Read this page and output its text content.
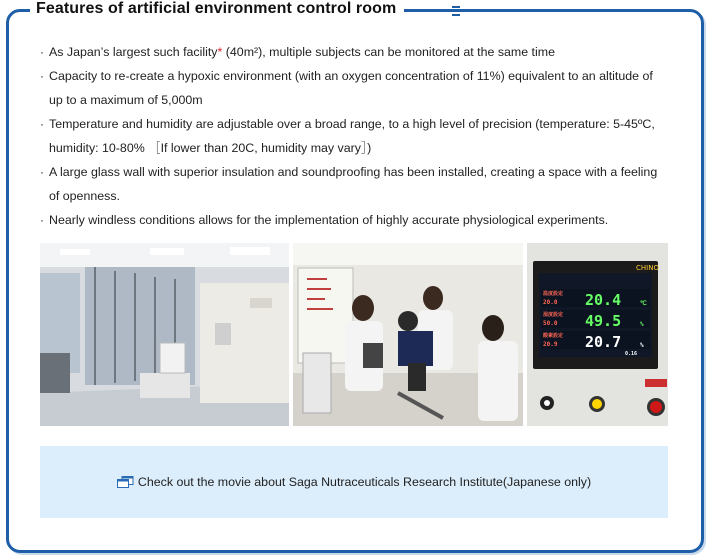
Features of artificial environment control room
· As Japan’s largest such facility* (40m²), multiple subjects can be monitored at the same time
· Capacity to re-create a hypoxic environment (with an oxygen concentration of 11%) equivalent to an altitude of up to a maximum of 5,000m
· Temperature and humidity are adjustable over a broad range, to a high level of precision (temperature: 5-45ºC, humidity: 10-80% ［If lower than 20C, humidity may vary］)
· A large glass wall with superior insulation and soundproofing has been installed, creating a space with a feeling of openness.
· Nearly windless conditions allows for the implementation of highly accurate physiological experiments.
CHINO
温度設定
20.0 20.4	℃
湿度設定
50.0 49.5	%
酸素設定
20.9 20.7	%
0.16
Check out the movie about Saga Nutraceuticals Research Institute(Japanese only)
